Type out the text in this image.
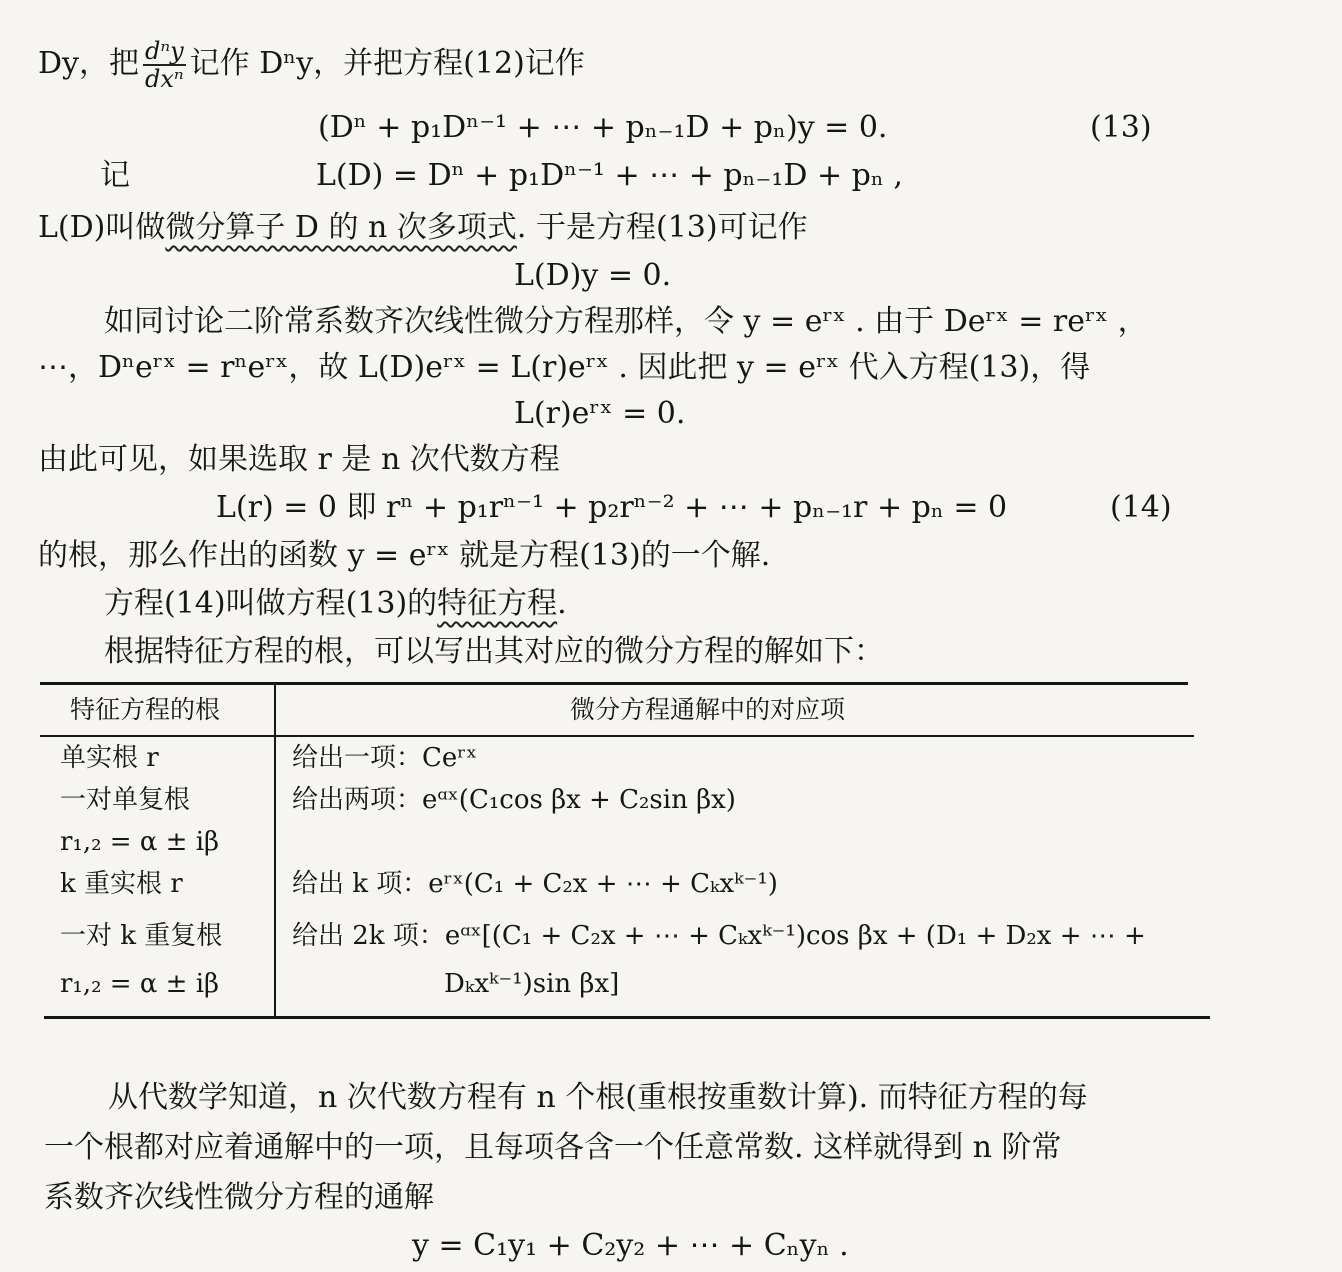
Dy，把 $\frac{\text{dⁿy}}{\text{dxⁿ}}$ 记作 Dⁿy，并把方程(12)记作
(Dⁿ + p₁Dⁿ⁻¹ + ⋯ + pₙ₋₁D + pₙ)y = 0.	(13)
记	L(D) = Dⁿ + p₁Dⁿ⁻¹ + ⋯ + pₙ₋₁D + pₙ ,
L(D)叫做微分算子 D 的 n 次多项式. 于是方程(13)可记作
L(D)y = 0.
如同讨论二阶常系数齐次线性微分方程那样，令 y = eʳˣ . 由于 Deʳˣ = reʳˣ ，
⋯，Dⁿeʳˣ = rⁿeʳˣ，故 L(D)eʳˣ = L(r)eʳˣ . 因此把 y = eʳˣ 代入方程(13)，得
L(r)eʳˣ = 0.
由此可见，如果选取 r 是 n 次代数方程
L(r) = 0 即 rⁿ + p₁rⁿ⁻¹ + p₂rⁿ⁻² + ⋯ + pₙ₋₁r + pₙ = 0	(14)
的根，那么作出的函数 y = eʳˣ 就是方程(13)的一个解.
方程(14)叫做方程(13)的特征方程.
根据特征方程的根，可以写出其对应的微分方程的解如下：
特征方程的根	微分方程通解中的对应项
单实根 r	给出一项：Ceʳˣ
一对单复根	给出两项：eᵅˣ(C₁cos βx + C₂sin βx)
r₁,₂ = α ± iβ
k 重实根 r	给出 k 项：eʳˣ(C₁ + C₂x + ⋯ + Cₖxᵏ⁻¹)
一对 k 重复根	给出 2k 项：eᵅˣ[(C₁ + C₂x + ⋯ + Cₖxᵏ⁻¹)cos βx + (D₁ + D₂x + ⋯ +
r₁,₂ = α ± iβ	Dₖxᵏ⁻¹)sin βx]
从代数学知道，n 次代数方程有 n 个根(重根按重数计算). 而特征方程的每
一个根都对应着通解中的一项，且每项各含一个任意常数. 这样就得到 n 阶常
系数齐次线性微分方程的通解
y = C₁y₁ + C₂y₂ + ⋯ + Cₙyₙ .
